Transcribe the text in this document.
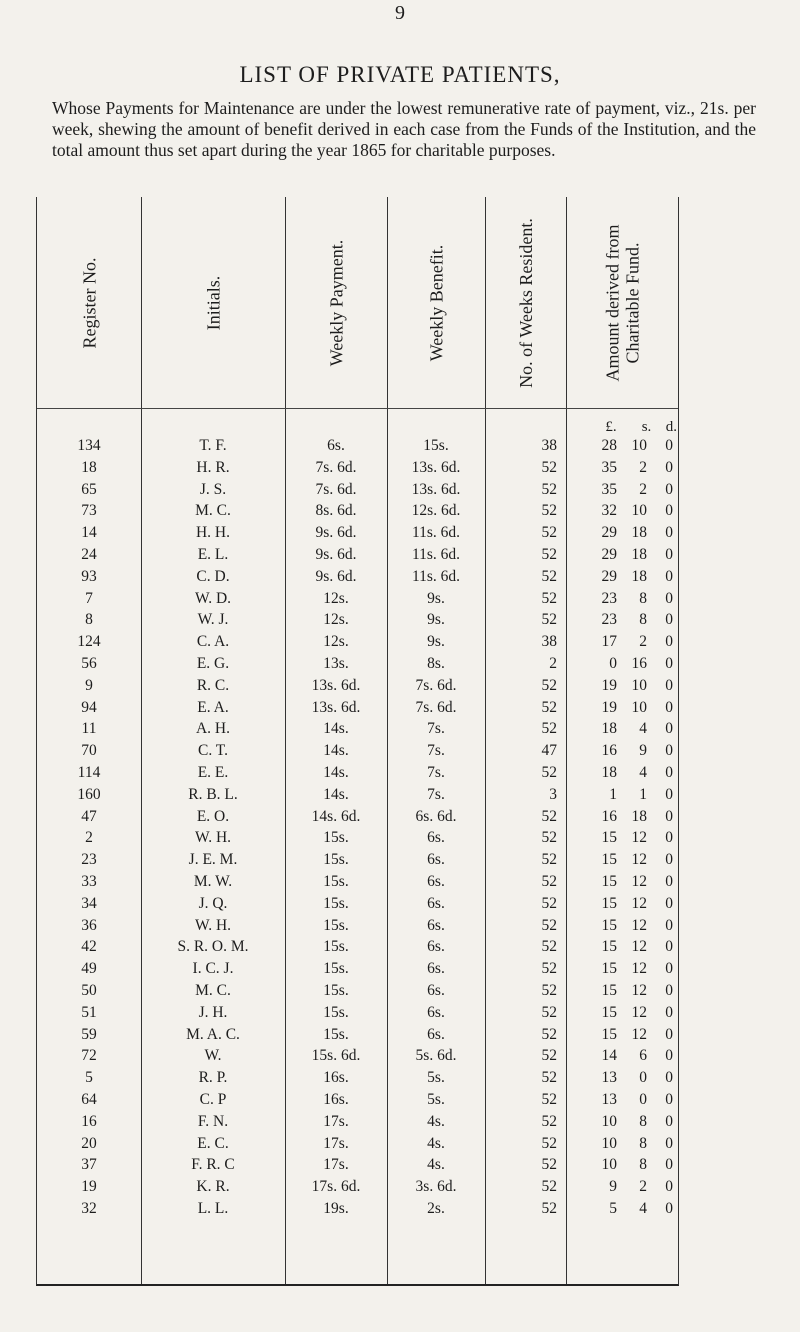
9
LIST OF PRIVATE PATIENTS,
Whose Payments for Maintenance are under the lowest remunerative rate of payment, viz., 21s. per week, shewing the amount of benefit derived in each case from the Funds of the Institution, and the total amount thus set apart during the year 1865 for charitable purposes.
Register No.	Initials.	Weekly Payment.	Weekly Benefit.	No. of Weeks Resident.	Amount derived from Charitable Fund.
£.	s. d.
134	T. F.	6s.	15s.	38	28 10	0
18	H. R.	7s. 6d.	13s. 6d.	52	35	2	0
65	J. S.	7s. 6d.	13s. 6d.	52	35	2	0
73	M. C.	8s. 6d.	12s. 6d.	52	32 10	0
14	H. H.	9s. 6d.	11s. 6d.	52	29 18	0
24	E. L.	9s. 6d.	11s. 6d.	52	29 18	0
93	C. D.	9s. 6d.	11s. 6d.	52	29 18	0
7	W. D.	12s.	9s.	52	23	8	0
8	W. J.	12s.	9s.	52	23	8	0
124	C. A.	12s.	9s.	38	17	2	0
56	E. G.	13s.	8s.	2	0 16	0
9	R. C.	13s. 6d.	7s. 6d.	52	19 10	0
94	E. A.	13s. 6d.	7s. 6d.	52	19 10	0
11	A. H.	14s.	7s.	52	18	4	0
70	C. T.	14s.	7s.	47	16	9	0
114	E. E.	14s.	7s.	52	18	4	0
160	R. B. L.	14s.	7s.	3	1	1	0
47	E. O.	14s. 6d.	6s. 6d.	52	16 18	0
2	W. H.	15s.	6s.	52	15 12	0
23	J. E. M.	15s.	6s.	52	15 12	0
33	M. W.	15s.	6s.	52	15 12	0
34	J. Q.	15s.	6s.	52	15 12	0
36	W. H.	15s.	6s.	52	15 12	0
42	S. R. O. M.	15s.	6s.	52	15 12	0
49	I. C. J.	15s.	6s.	52	15 12	0
50	M. C.	15s.	6s.	52	15 12	0
51	J. H.	15s.	6s.	52	15 12	0
59	M. A. C.	15s.	6s.	52	15 12	0
72	W.	15s. 6d.	5s. 6d.	52	14	6	0
5	R. P.	16s.	5s.	52	13	0	0
64	C. P	16s.	5s.	52	13	0	0
16	F. N.	17s.	4s.	52	10	8	0
20	E. C.	17s.	4s.	52	10	8	0
37	F. R. C	17s.	4s.	52	10	8	0
19	K. R.	17s. 6d.	3s. 6d.	52	9	2	0
32	L. L.	19s.	2s.	52	5	4	0
